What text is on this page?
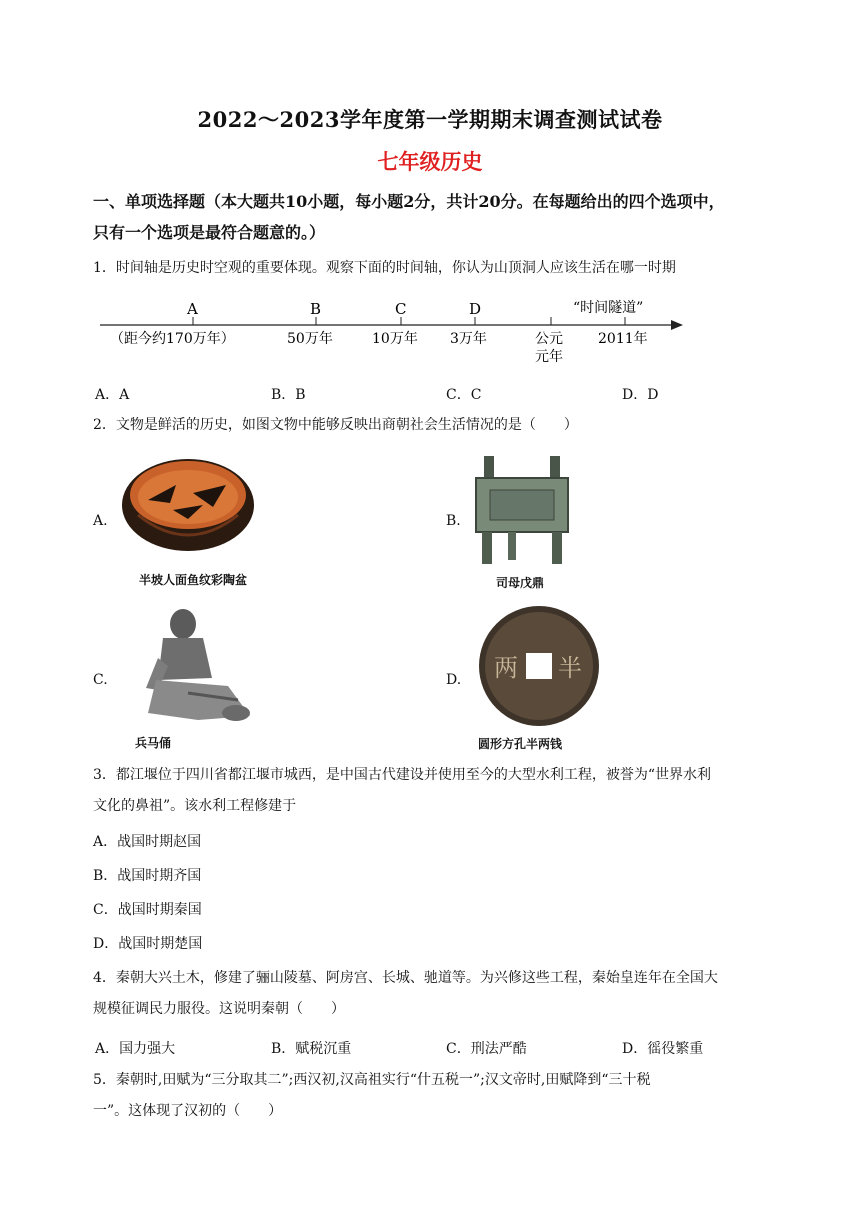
2022～2023学年度第一学期期末调查测试试卷
七年级历史
一、单项选择题（本大题共10小题，每小题2分，共计20分。在每题给出的四个选项中，
只有一个选项是最符合题意的。）
1．时间轴是历史时空观的重要体现。观察下面的时间轴，你认为山顶洞人应该生活在哪一时期
A	B	C	D	“时间隧道”
（距今约170万年）	50万年	10万年 3万年	公元
元年
2011年
A．A	B．B	C．C	D．D
2．文物是鲜活的历史，如图文物中能够反映出商朝社会生活情况的是（　　）
A.	B.
C.	D.
半坡人面鱼纹彩陶盆	司母戊鼎
兵马俑
两 半
圆形方孔半两钱
3．都江堰位于四川省都江堰市城西，是中国古代建设并使用至今的大型水利工程，被誉为“世界水利
文化的鼻祖”。该水利工程修建于
A．战国时期赵国
B．战国时期齐国
C．战国时期秦国
D．战国时期楚国
4．秦朝大兴土木，修建了骊山陵墓、阿房宫、长城、驰道等。为兴修这些工程，秦始皇连年在全国大
规模征调民力服役。这说明秦朝（　　）
A．国力强大	B．赋税沉重	C．刑法严酷	D．徭役繁重
5．秦朝时,田赋为“三分取其二”;西汉初,汉高祖实行“什五税一”;汉文帝时,田赋降到“三十税
一”。这体现了汉初的（　　）
